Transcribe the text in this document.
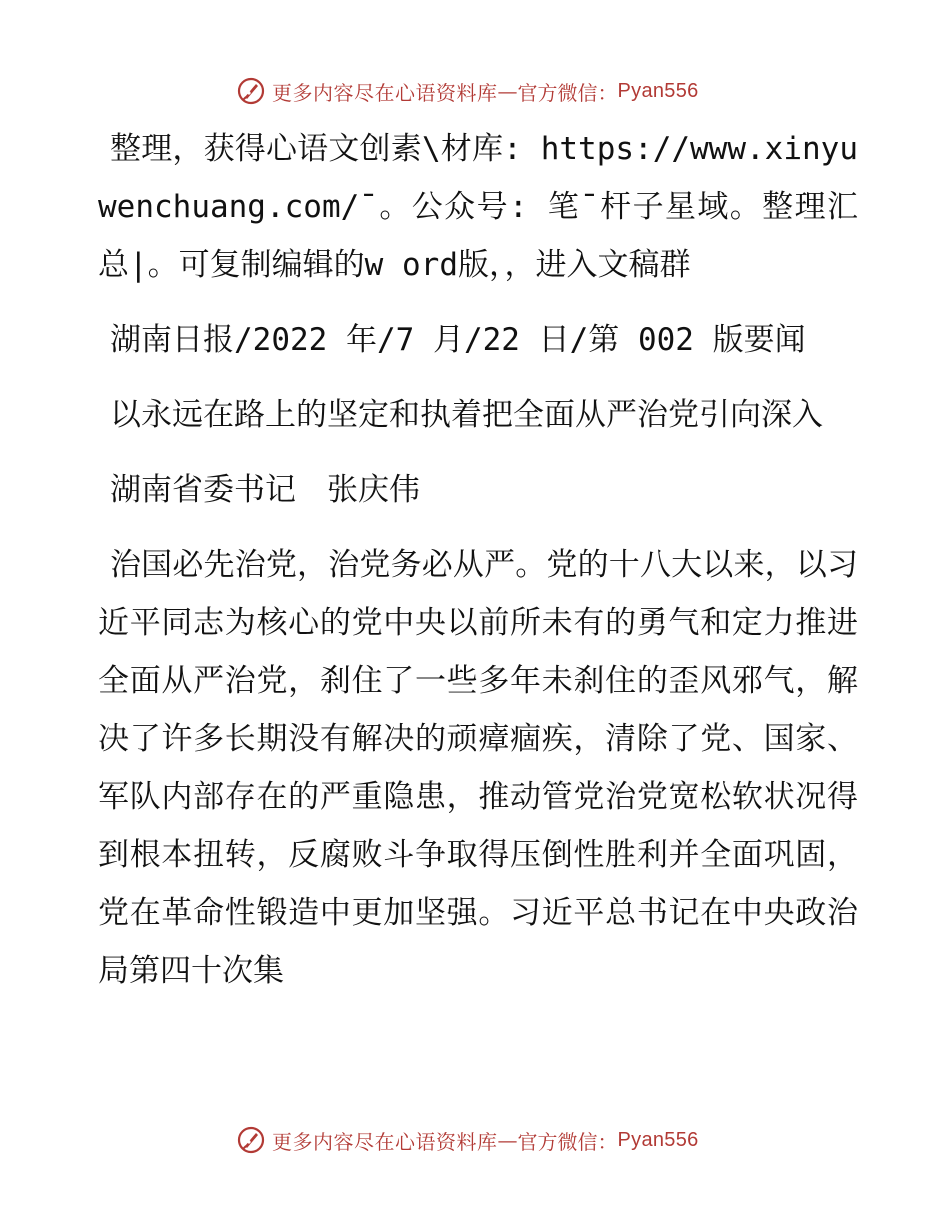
更多内容尽在心语资料库 — 官方微信： Pyan556

整理，获得心语文创素\材库: https://www.xinyuwenchuang.com/¯。公众号: 笔¯杆子星域。整理汇总|。可复制编辑的w ord版，，进入文稿群

湖南日报/2022 年/7 月/22 日/第 002 版要闻

以永远在路上的坚定和执着把全面从严治党引向深入

湖南省委书记　张庆伟

治国必先治党，治党务必从严。党的十八大以来，以习近平同志为核心的党中央以前所未有的勇气和定力推进全面从严治党，刹住了一些多年未刹住的歪风邪气，解决了许多长期没有解决的顽瘴痼疾，清除了党、国家、军队内部存在的严重隐患，推动管党治党宽松软状况得到根本扭转，反腐败斗争取得压倒性胜利并全面巩固，党在革命性锻造中更加坚强。习近平总书记在中央政治局第四十次集

更多内容尽在心语资料库 — 官方微信： Pyan556
